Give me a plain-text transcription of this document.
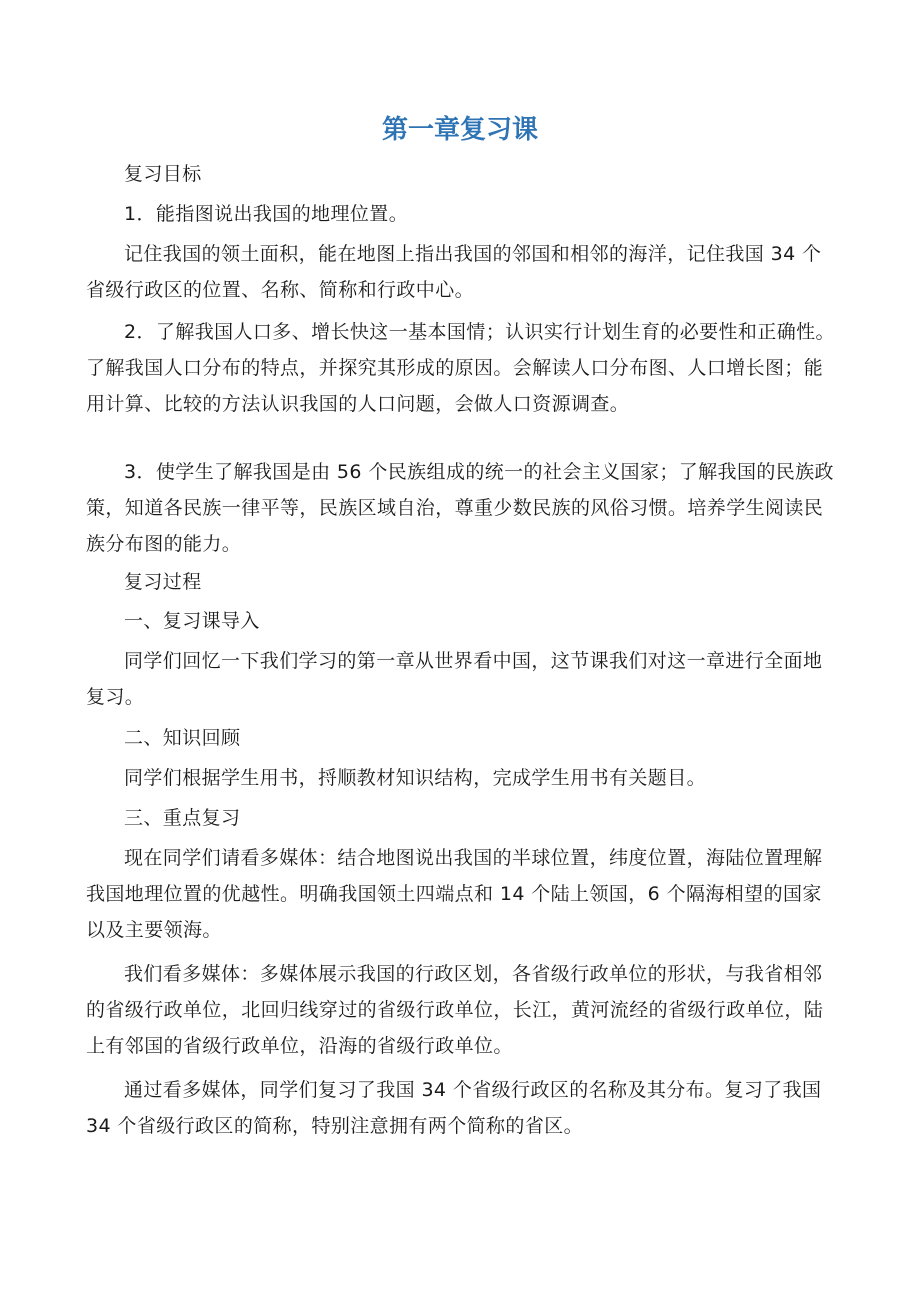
第一章复习课

复习目标

1．能指图说出我国的地理位置。

记住我国的领土面积，能在地图上指出我国的邻国和相邻的海洋，记住我国 34 个省级行政区的位置、名称、简称和行政中心。

2．了解我国人口多、增长快这一基本国情；认识实行计划生育的必要性和正确性。了解我国人口分布的特点，并探究其形成的原因。会解读人口分布图、人口增长图；能用计算、比较的方法认识我国的人口问题，会做人口资源调查。

3．使学生了解我国是由 56 个民族组成的统一的社会主义国家；了解我国的民族政策，知道各民族一律平等，民族区域自治，尊重少数民族的风俗习惯。培养学生阅读民族分布图的能力。

复习过程

一、复习课导入

同学们回忆一下我们学习的第一章从世界看中国，这节课我们对这一章进行全面地复习。

二、知识回顾

同学们根据学生用书，捋顺教材知识结构，完成学生用书有关题目。

三、重点复习

现在同学们请看多媒体：结合地图说出我国的半球位置，纬度位置，海陆位置理解我国地理位置的优越性。明确我国领土四端点和 14 个陆上领国，6 个隔海相望的国家以及主要领海。

我们看多媒体：多媒体展示我国的行政区划，各省级行政单位的形状，与我省相邻的省级行政单位，北回归线穿过的省级行政单位，长江，黄河流经的省级行政单位，陆上有邻国的省级行政单位，沿海的省级行政单位。

通过看多媒体，同学们复习了我国 34 个省级行政区的名称及其分布。复习了我国 34 个省级行政区的简称，特别注意拥有两个简称的省区。
